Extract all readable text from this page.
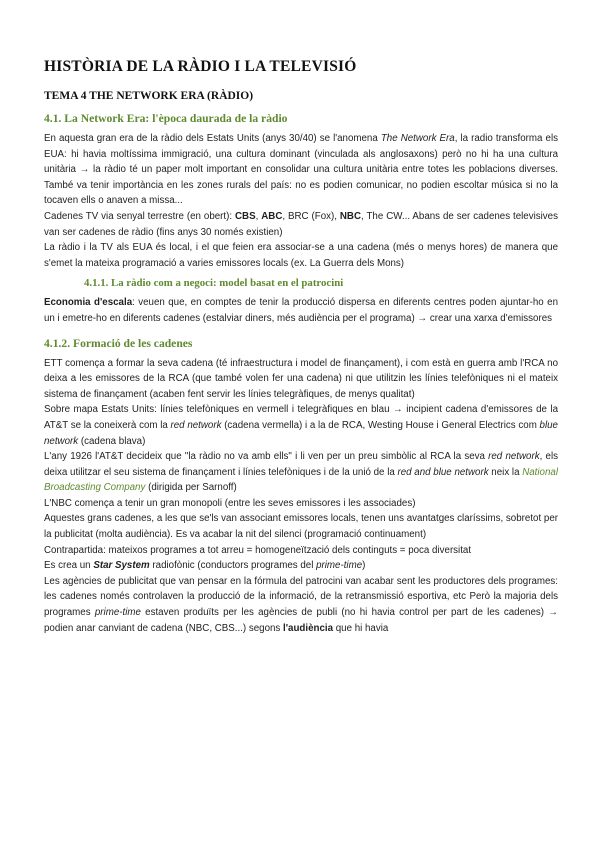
HISTÒRIA DE LA RÀDIO I LA TELEVISIÓ
TEMA 4 THE NETWORK ERA (RÀDIO)
4.1. La Network Era: l'època daurada de la ràdio

En aquesta gran era de la ràdio dels Estats Units (anys 30/40) se l'anomena The Network Era, la radio transforma els EUA: hi havia moltíssima immigració, una cultura dominant (vinculada als anglosaxons) però no hi ha una cultura unitària → la ràdio té un paper molt important en consolidar una cultura unitària entre totes les poblacions diverses. També va tenir importància en les zones rurals del país: no es podien comunicar, no podien escoltar música si no la tocaven ells o anaven a missa...

Cadenes TV via senyal terrestre (en obert): CBS, ABC, BRC (Fox), NBC, The CW... Abans de ser cadenes televisives van ser cadenes de ràdio (fins anys 30 només existien)

La ràdio i la TV als EUA és local, i el que feien era associar-se a una cadena (més o menys hores) de manera que s'emet la mateixa programació a varies emissores locals (ex. La Guerra dels Mons)

4.1.1. La ràdio com a negoci: model basat en el patrocini

Economia d'escala: veuen que, en comptes de tenir la producció dispersa en diferents centres poden ajuntar-ho en un i emetre-ho en diferents cadenes (estalviar diners, més audiència per el programa) → crear una xarxa d'emissores

4.1.2. Formació de les cadenes

ETT comença a formar la seva cadena (té infraestructura i model de finançament), i com està en guerra amb l'RCA no deixa a les emissores de la RCA (que també volen fer una cadena) ni que utilitzin les línies telefòniques ni el mateix sistema de finançament (acaben fent servir les línies telegràfiques, de menys qualitat)

Sobre mapa Estats Units: línies telefòniques en vermell i telegràfiques en blau → incipient cadena d'emissores de la AT&T se la coneixerà com la red network (cadena vermella) i a la de RCA, Westing House i General Electrics com blue network (cadena blava)

L'any 1926 l'AT&T decideix que "la ràdio no va amb ells" i li ven per un preu simbòlic al RCA la seva red network, els deixa utilitzar el seu sistema de finançament i línies telefòniques i de la unió de la red and blue network neix la National Broadcasting Company (dirigida per Sarnoff)

L'NBC comença a tenir un gran monopoli (entre les seves emissores i les associades)

Aquestes grans cadenes, a les que se'ls van associant emissores locals, tenen uns avantatges claríssims, sobretot per la publicitat (molta audiència). Es va acabar la nit del silenci (programació continuament)

Contrapartida: mateixos programes a tot arreu = homogeneïtzació dels continguts = poca diversitat

Es crea un Star System radiofònic (conductors programes del prime-time)

Les agències de publicitat que van pensar en la fórmula del patrocini van acabar sent les productores dels programes: les cadenes només controlaven la producció de la informació, de la retransmissió esportiva, etc Però la majoria dels programes prime-time estaven produïts per les agències de publi (no hi havia control per part de les cadenes) → podien anar canviant de cadena (NBC, CBS...) segons l'audiència que hi havia
